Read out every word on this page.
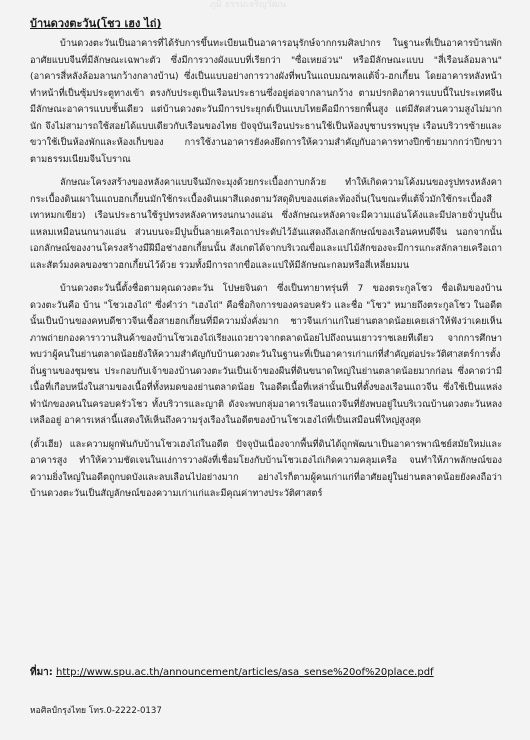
ภูมิ ธรรมเจริญวัฒน
บ้านดวงตะวัน(โชว เฮง ไถ่)

บ้านดวงตะวันเป็นอาคารที่ได้รับการขึ้นทะเบียนเป็นอาคารอนุรักษ์จากกรมศิลปากร ในฐานะที่เป็นอาคารบ้านพักอาศัยแบบจีนที่มีลักษณะเฉพาะตัว ซึ่งมีการวางผังแบบที่เรียกว่า "ซื่อเหยอ่วน" หรือมีลักษณะแบบ "สี่เรือนล้อมลาน" (อาคารสี่หลังล้อมลานกว้างกลางบ้าน) ซึ่งเป็นแบบอย่างการวางผังที่พบในแถบมณฑลแต้จิ๋ว-ฮกเกี้ยน โดยอาคารหลังหน้าทำหน้าที่เป็นซุ้มประตูทางเข้า ตรงกับประตูเป็นเรือนประธานซึ่งอยู่ต่อจากลานกว้าง ตามปรกติอาคารแบบนี้ในประเทศจีนมีลักษณะอาคารแบบชั้นเดียว แต่บ้านดวงตะวันมีการประยุกต์เป็นแบบไทยคือมีการยกพื้นสูง แต่มีสัดส่วนความสูงไม่มากนัก จึงไม่สามารถใช้สอยได้แบบเดียวกับเรือนของไทย ปัจจุบันเรือนประธานใช้เป็นห้องบูชาบรรพบุรุษ เรือนบริวารซ้ายและขวาใช้เป็นห้องพักและห้องเก็บของ การใช้งานอาคารยังคงยึดการให้ความสำคัญกับอาคารทางปีกซ้ายมากกว่าปีกขวา ตามธรรมเนียมจีนโบราณ

ลักษณะโครงสร้างของหลังคาแบบจีนมักจะมุงด้วยกระเบื้องกาบกล้วย ทำให้เกิดความโค้งมนของรูปทรงหลังคา กระเบื้องดินเผาในแถบฮกเกี้ยนมักใช้กระเบื้องดินเผาสีแดงตามวัสดุดิบของแต่ละท้องถิ่น(ในขณะที่แต้จิ๋วมักใช้กระเบื้องสีเทาหมกเขียว) เรือนประธานใช้รูปทรงหลังคาทรงนกนางแอ่น ซึ่งลักษณะหลังคาจะมีความแอ่นโค้งและมีปลายจั่วปูนปั้นแหลมเหมือนนกนางแอ่น ส่วนบนจะมีปูนปั้นลายเครือเถาประดับไว้อันแสดงถึงเอกลักษณ์ของเรือนคหบดีจีน นอกจากนั้นเอกลักษณ์ของงานโครงสร้างมีฝีมือช่างฮกเกี้ยนนั้น สังเกตได้จากบริเวณขื่อและแปไม้สักของจะมีการแกะสลักลายเครือเถาและสัตว์มงคลของชาวฮกเกี้ยนไว้ด้วย รวมทั้งมีการถากขื่อและแปให้มีลักษณะกลมหรือสี่เหลี่ยมมน

บ้านดวงตะวันนี้ตั้งชื่อตามคุณดวงตะวัน โปษยจินดา ซึ่งเป็นทายาทรุ่นที่ 7 ของตระกูลโชว ชื่อเดิมของบ้านดวงตะวันคือ บ้าน "โชวเฮงไถ่" ซึ่งคำว่า "เฮงไถ่" คือชื่อกิจการของครอบครัว และชื่อ "โชว" หมายถึงตระกูลโชว ในอดีตนั้นเป็นบ้านของคหบดีชาวจีนเชื้อสายฮกเกี้ยนที่มีความมั่งคั่งมาก ชาวจีนเก่าแก่ในย่านตลาดน้อยเคยเล่าให้ฟังว่าเคยเห็นภาพถ่ายกองคาราวานสินค้าของบ้านโชวเฮงไถ่เรียงแถวยาวจากตลาดน้อยไปถึงถนนเยาวราชเลยทีเดียว จากการศึกษาพบว่าผู้คนในย่านตลาดน้อยยังให้ความสำคัญกับบ้านดวงตะวันในฐานะที่เป็นอาคารเก่าแก่ที่สำคัญต่อประวัติศาสตร์การตั้งถิ่นฐานของชุมชน ประกอบกับเจ้าของบ้านดวงตะวันเป็นเจ้าของผืนที่ดินขนาดใหญ่ในย่านตลาดน้อยมากก่อน ซึ่งคาดว่ามีเนื้อที่เกือบหนึ่งในสามของเนื้อที่ทั้งหมดของย่านตลาดน้อย ในอดีตเนื้อที่เหล่านั้นเป็นที่ตั้งของเรือนแถวจีน ซึ่งใช้เป็นแหล่งพำนักของคนในครอบครัวโชว ทั้งบริวารและญาติ ดังจะพบกลุ่มอาคารเรือนแถวจีนที่ยังพบอยู่ในบริเวณบ้านดวงตะวันหลงเหลืออยู่ อาคารเหล่านี้แสดงให้เห็นถึงความรุ่งเรืองในอดีตของบ้านโชวเฮงไถ่ที่เป็นเสมือนพี่ใหญ่สูงสุด

(ตั้วเฮีย) และความผูกพันกับบ้านโชวเฮงไถ่ในอดีต ปัจจุบันเนื่องจากพื้นที่ดินได้ถูกพัฒนาเป็นอาคารพาณิชย์สมัยใหม่และอาคารสูง ทำให้ความชัดเจนในแง่การวางผังที่เชื่อมโยงกับบ้านโชวเฮงไถ่เกิดความคลุมเครือ จนทำให้ภาพลักษณ์ของความยิ่งใหญ่ในอดีตถูกบดบังและลบเลือนไปอย่างมาก อย่างไรก็ตามผู้คนเก่าแก่ที่อาศัยอยู่ในย่านตลาดน้อยยังคงถือว่าบ้านดวงตะวันเป็นสัญลักษณ์ของความเก่าแก่และมีคุณค่าทางประวัติศาสตร์

ที่มา: http://www.spu.ac.th/announcement/articles/asa_sense%20of%20place.pdf
หอศิลป์กรุงไทย โทร.0-2222-0137
